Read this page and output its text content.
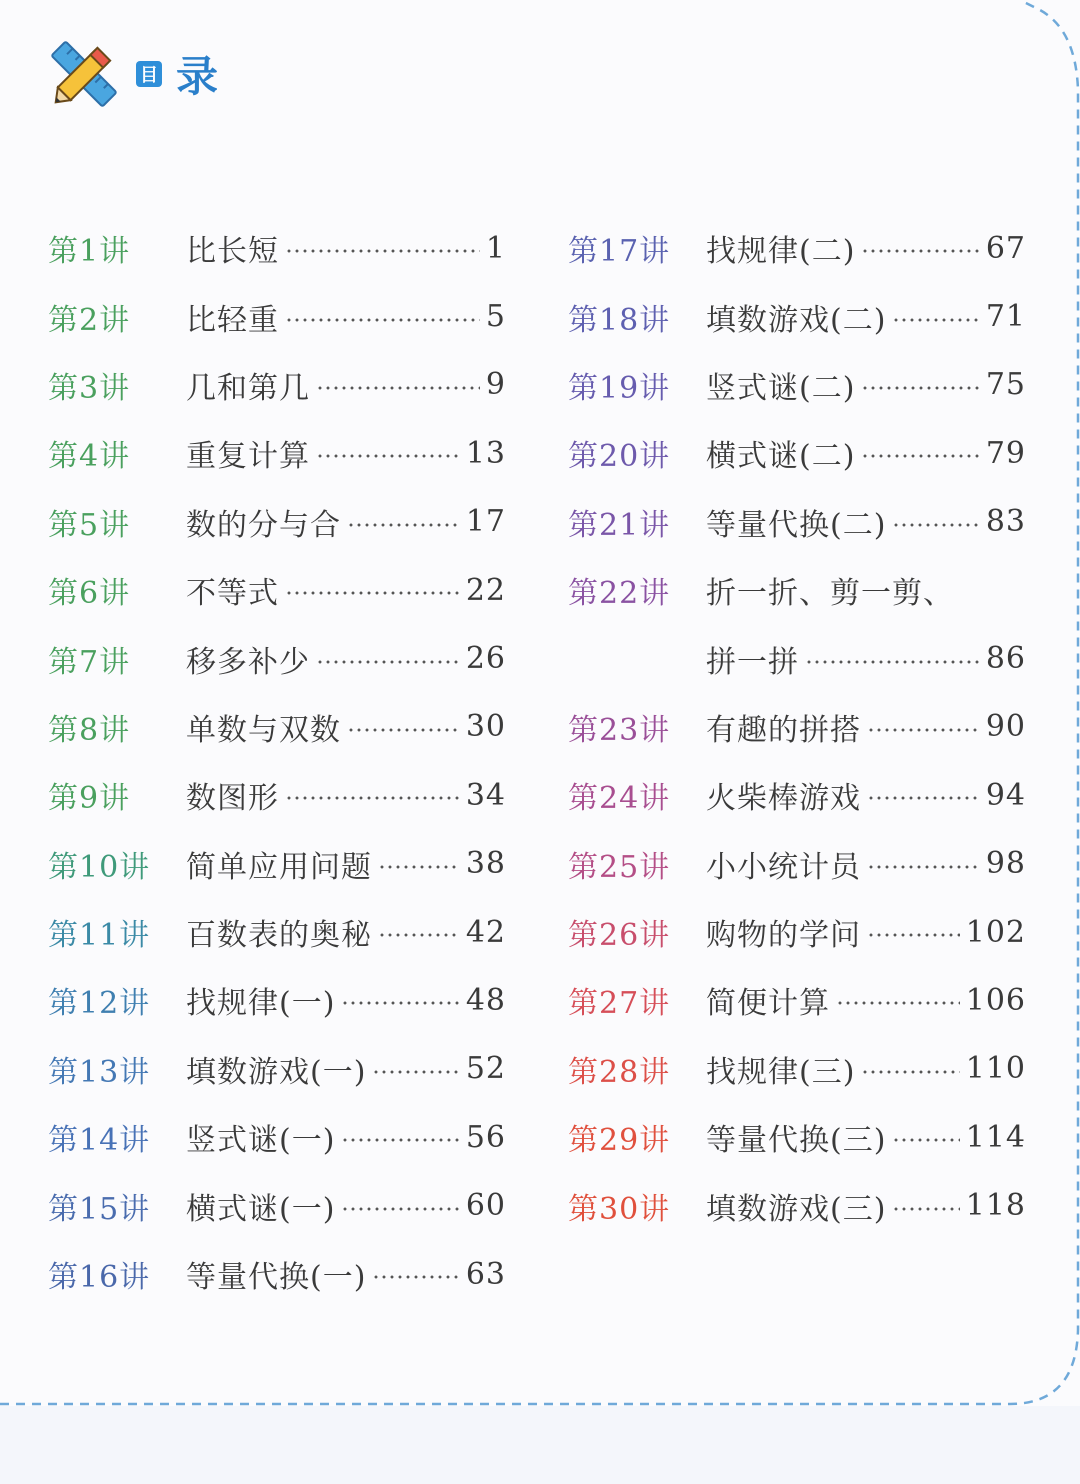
目 录
第1讲	比长短	1
第2讲	比轻重	5
第3讲	几和第几	9
第4讲	重复计算	13
第5讲	数的分与合	17
第6讲	不等式	22
第7讲	移多补少	26
第8讲	单数与双数	30
第9讲	数图形	34
第10讲	简单应用问题	38
第11讲	百数表的奥秘	42
第12讲	找规律(一)	48
第13讲	填数游戏(一)	52
第14讲	竖式谜(一)	56
第15讲	横式谜(一)	60
第16讲	等量代换(一)	63
第17讲	找规律(二)	67
第18讲	填数游戏(二)	71
第19讲	竖式谜(二)	75
第20讲	横式谜(二)	79
第21讲	等量代换(二)	83
第22讲	折一折、剪一剪、
拼一拼	86
第23讲	有趣的拼搭	90
第24讲	火柴棒游戏	94
第25讲	小小统计员	98
第26讲	购物的学问	102
第27讲	简便计算	106
第28讲	找规律(三)	110
第29讲	等量代换(三)	114
第30讲	填数游戏(三)	118
